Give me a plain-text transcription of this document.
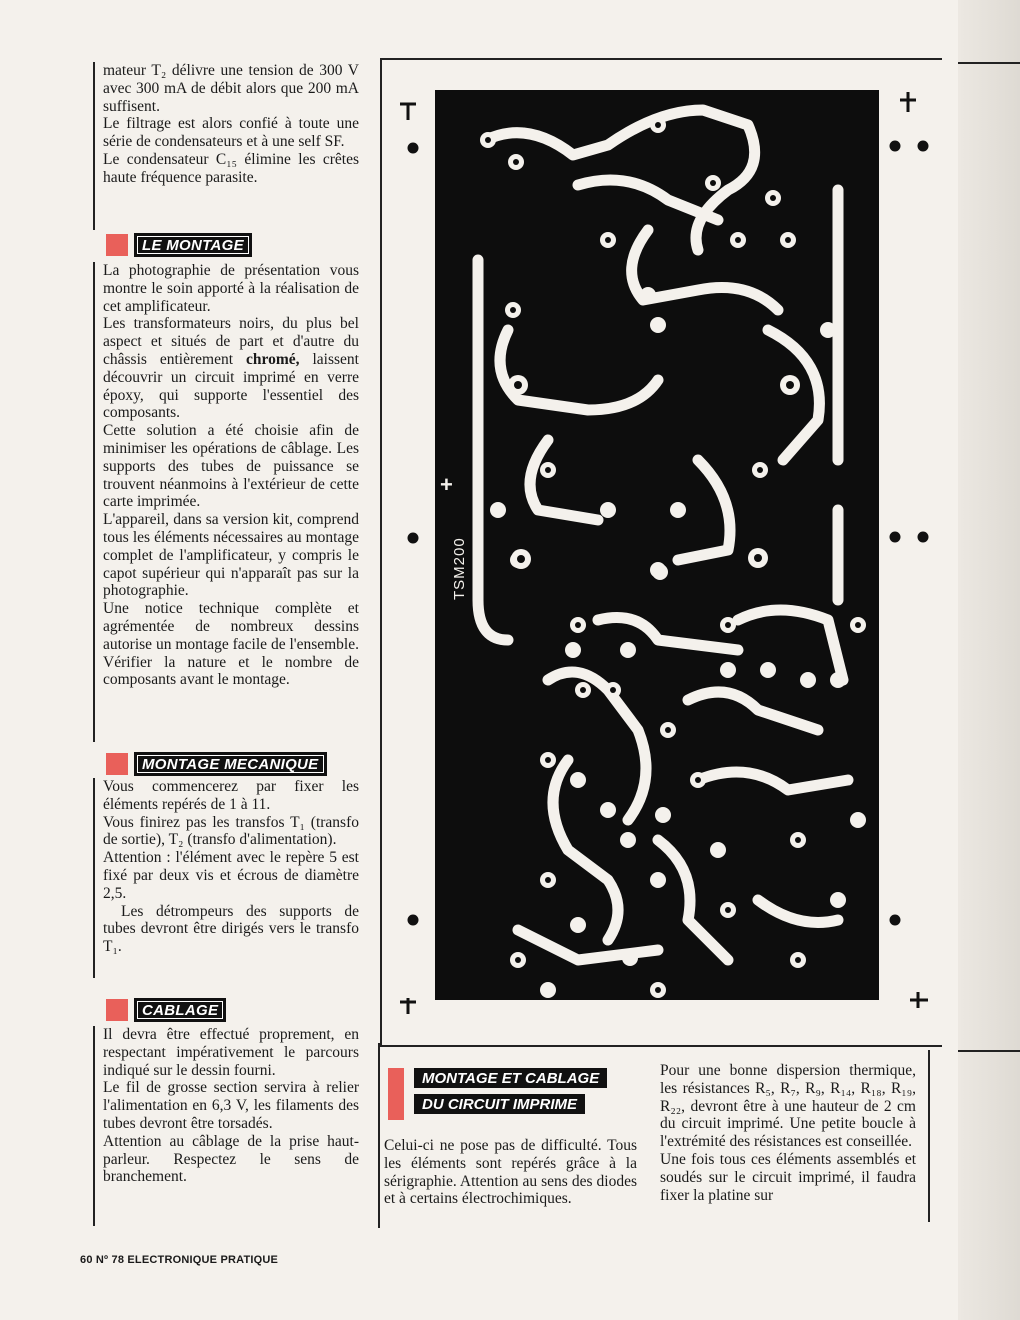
mateur T₂ délivre une tension de 300 V avec 300 mA de débit alors que 200 mA suffisent.

Le filtrage est alors confié à toute une série de condensateurs et à une self SF.

Le condensateur C₁₅ élimine les crêtes haute fréquence parasite.

LE MONTAGE

La photographie de présentation vous montre le soin apporté à la réalisation de cet amplificateur.

Les transformateurs noirs, du plus bel aspect et situés de part et d'autre du châssis entièrement chromé, laissent découvrir un circuit imprimé en verre époxy, qui supporte l'essentiel des composants.

Cette solution a été choisie afin de minimiser les opérations de câblage. Les supports des tubes de puissance se trouvent néanmoins à l'extérieur de cette carte imprimée.

L'appareil, dans sa version kit, comprend tous les éléments nécessaires au montage complet de l'amplificateur, y compris le capot supérieur qui n'apparaît pas sur la photographie.

Une notice technique complète et agrémentée de nombreux dessins autorise un montage facile de l'ensemble. Vérifier la nature et le nombre de composants avant le montage.

MONTAGE MECANIQUE

Vous commencerez par fixer les éléments repérés de 1 à 11.

Vous finirez pas les transfos T₁ (transfo de sortie), T₂ (transfo d'alimentation).

Attention : l'élément avec le repère 5 est fixé par deux vis et écrous de diamètre 2,5.

Les détrompeurs des supports de tubes devront être dirigés vers le transfo T₁.

CABLAGE

Il devra être effectué proprement, en respectant impérativement le parcours indiqué sur le dessin fourni.

Le fil de grosse section servira à relier l'alimentation en 6,3 V, les filaments des tubes devront être torsadés.

Attention au câblage de la prise haut-parleur. Respectez le sens de branchement.

+
TSM200
MONTAGE ET CABLAGE
DU CIRCUIT IMPRIME

Celui-ci ne pose pas de difficulté. Tous les éléments sont repérés grâce à la sérigraphie. Attention au sens des diodes et à certains électrochimiques.

Pour une bonne dispersion thermique, les résistances R₅, R₇, R₉, R₁₄, R₁₈, R₁₉, R₂₂, devront être à une hauteur de 2 cm du circuit imprimé. Une petite boucle à l'extrémité des résistances est conseillée.

Une fois tous ces éléments assemblés et soudés sur le circuit imprimé, il faudra fixer la platine sur

60 Nº 78 ELECTRONIQUE PRATIQUE
